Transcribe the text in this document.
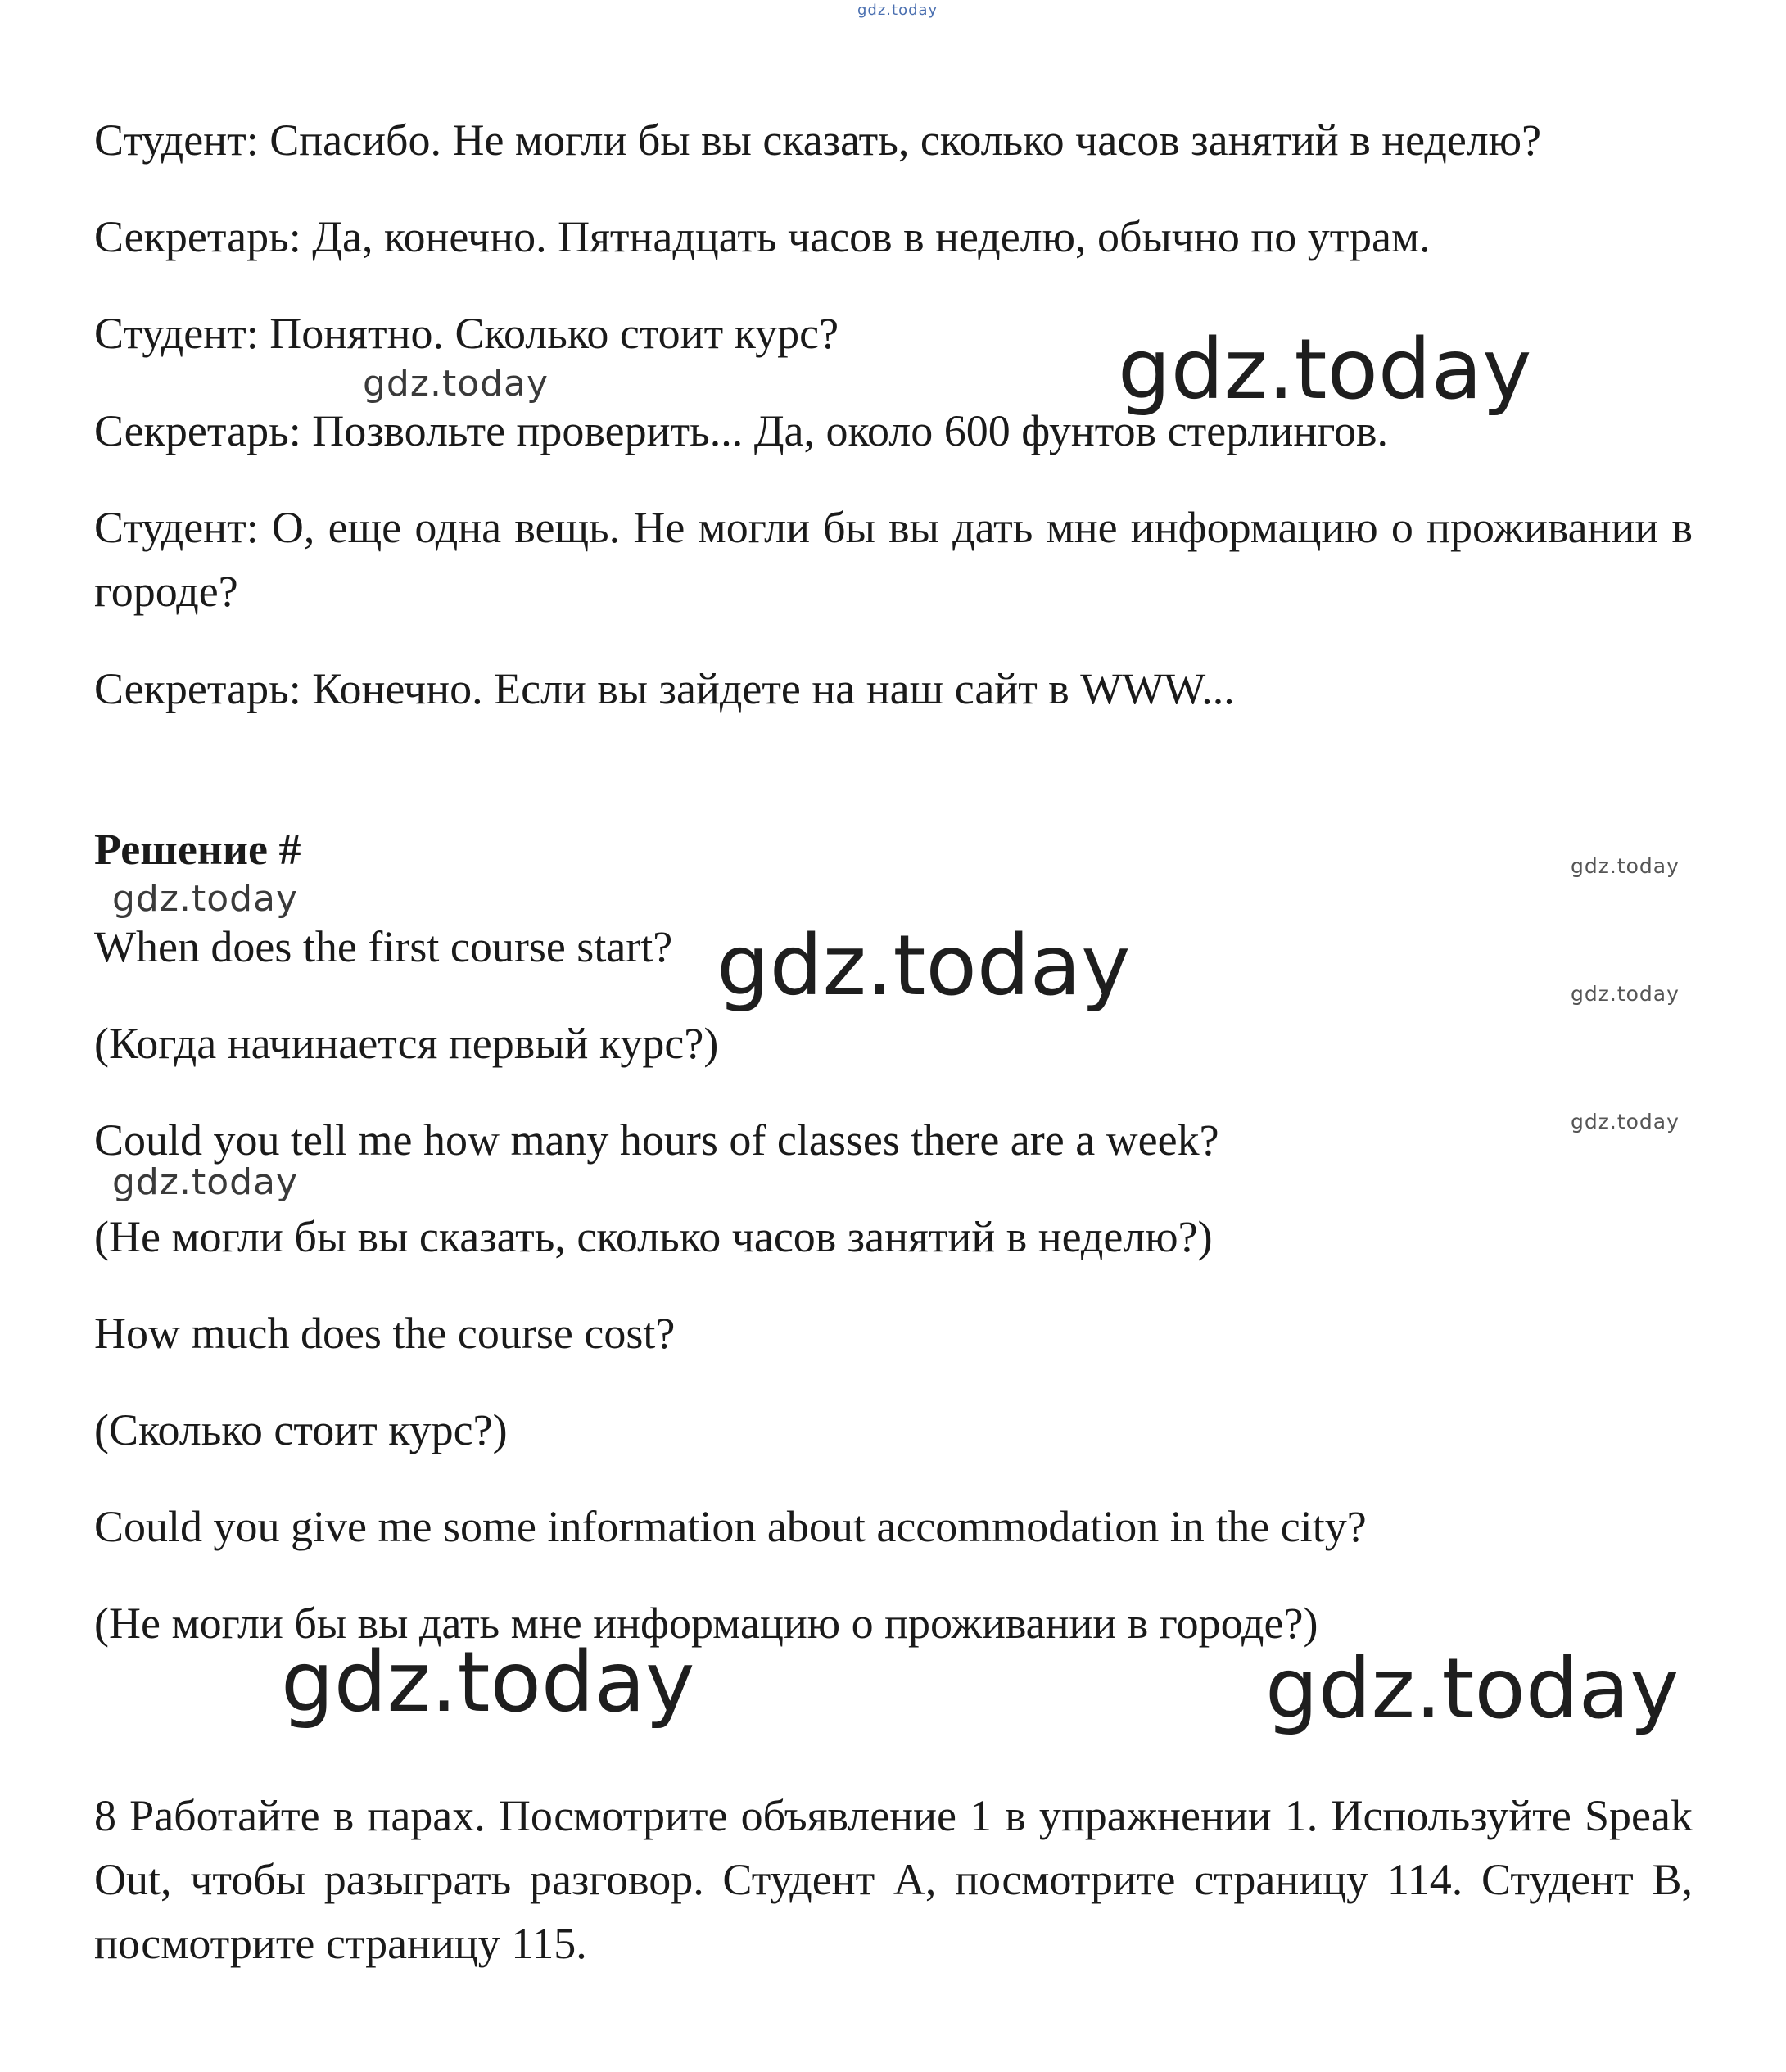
gdz.today

Студент: Спасибо. Не могли бы вы сказать, сколько часов занятий в неделю?

Секретарь: Да, конечно. Пятнадцать часов в неделю, обычно по утрам.

Студент: Понятно. Сколько стоит курс?

Секретарь: Позвольте проверить... Да, около 600 фунтов стерлингов.

Студент: О, еще одна вещь. Не могли бы вы дать мне информацию о проживании в городе?

Секретарь: Конечно. Если вы зайдете на наш сайт в WWW...

Решение #

When does the first course start?

(Когда начинается первый курс?)

Could you tell me how many hours of classes there are a week?

(Не могли бы вы сказать, сколько часов занятий в неделю?)

How much does the course cost?

(Сколько стоит курс?)

Could you give me some information about accommodation in the city?

(Не могли бы вы дать мне информацию о проживании в городе?)

8 Работайте в парах. Посмотрите объявление 1 в упражнении 1. Используйте Speak Out, чтобы разыграть разговор. Студент A, посмотрите страницу 114. Студент B, посмотрите страницу 115.

gdz.today
gdz.today
gdz.today
gdz.today
gdz.today	gdz.today
gdz.today
gdz.today
gdz.today	gdz.today
